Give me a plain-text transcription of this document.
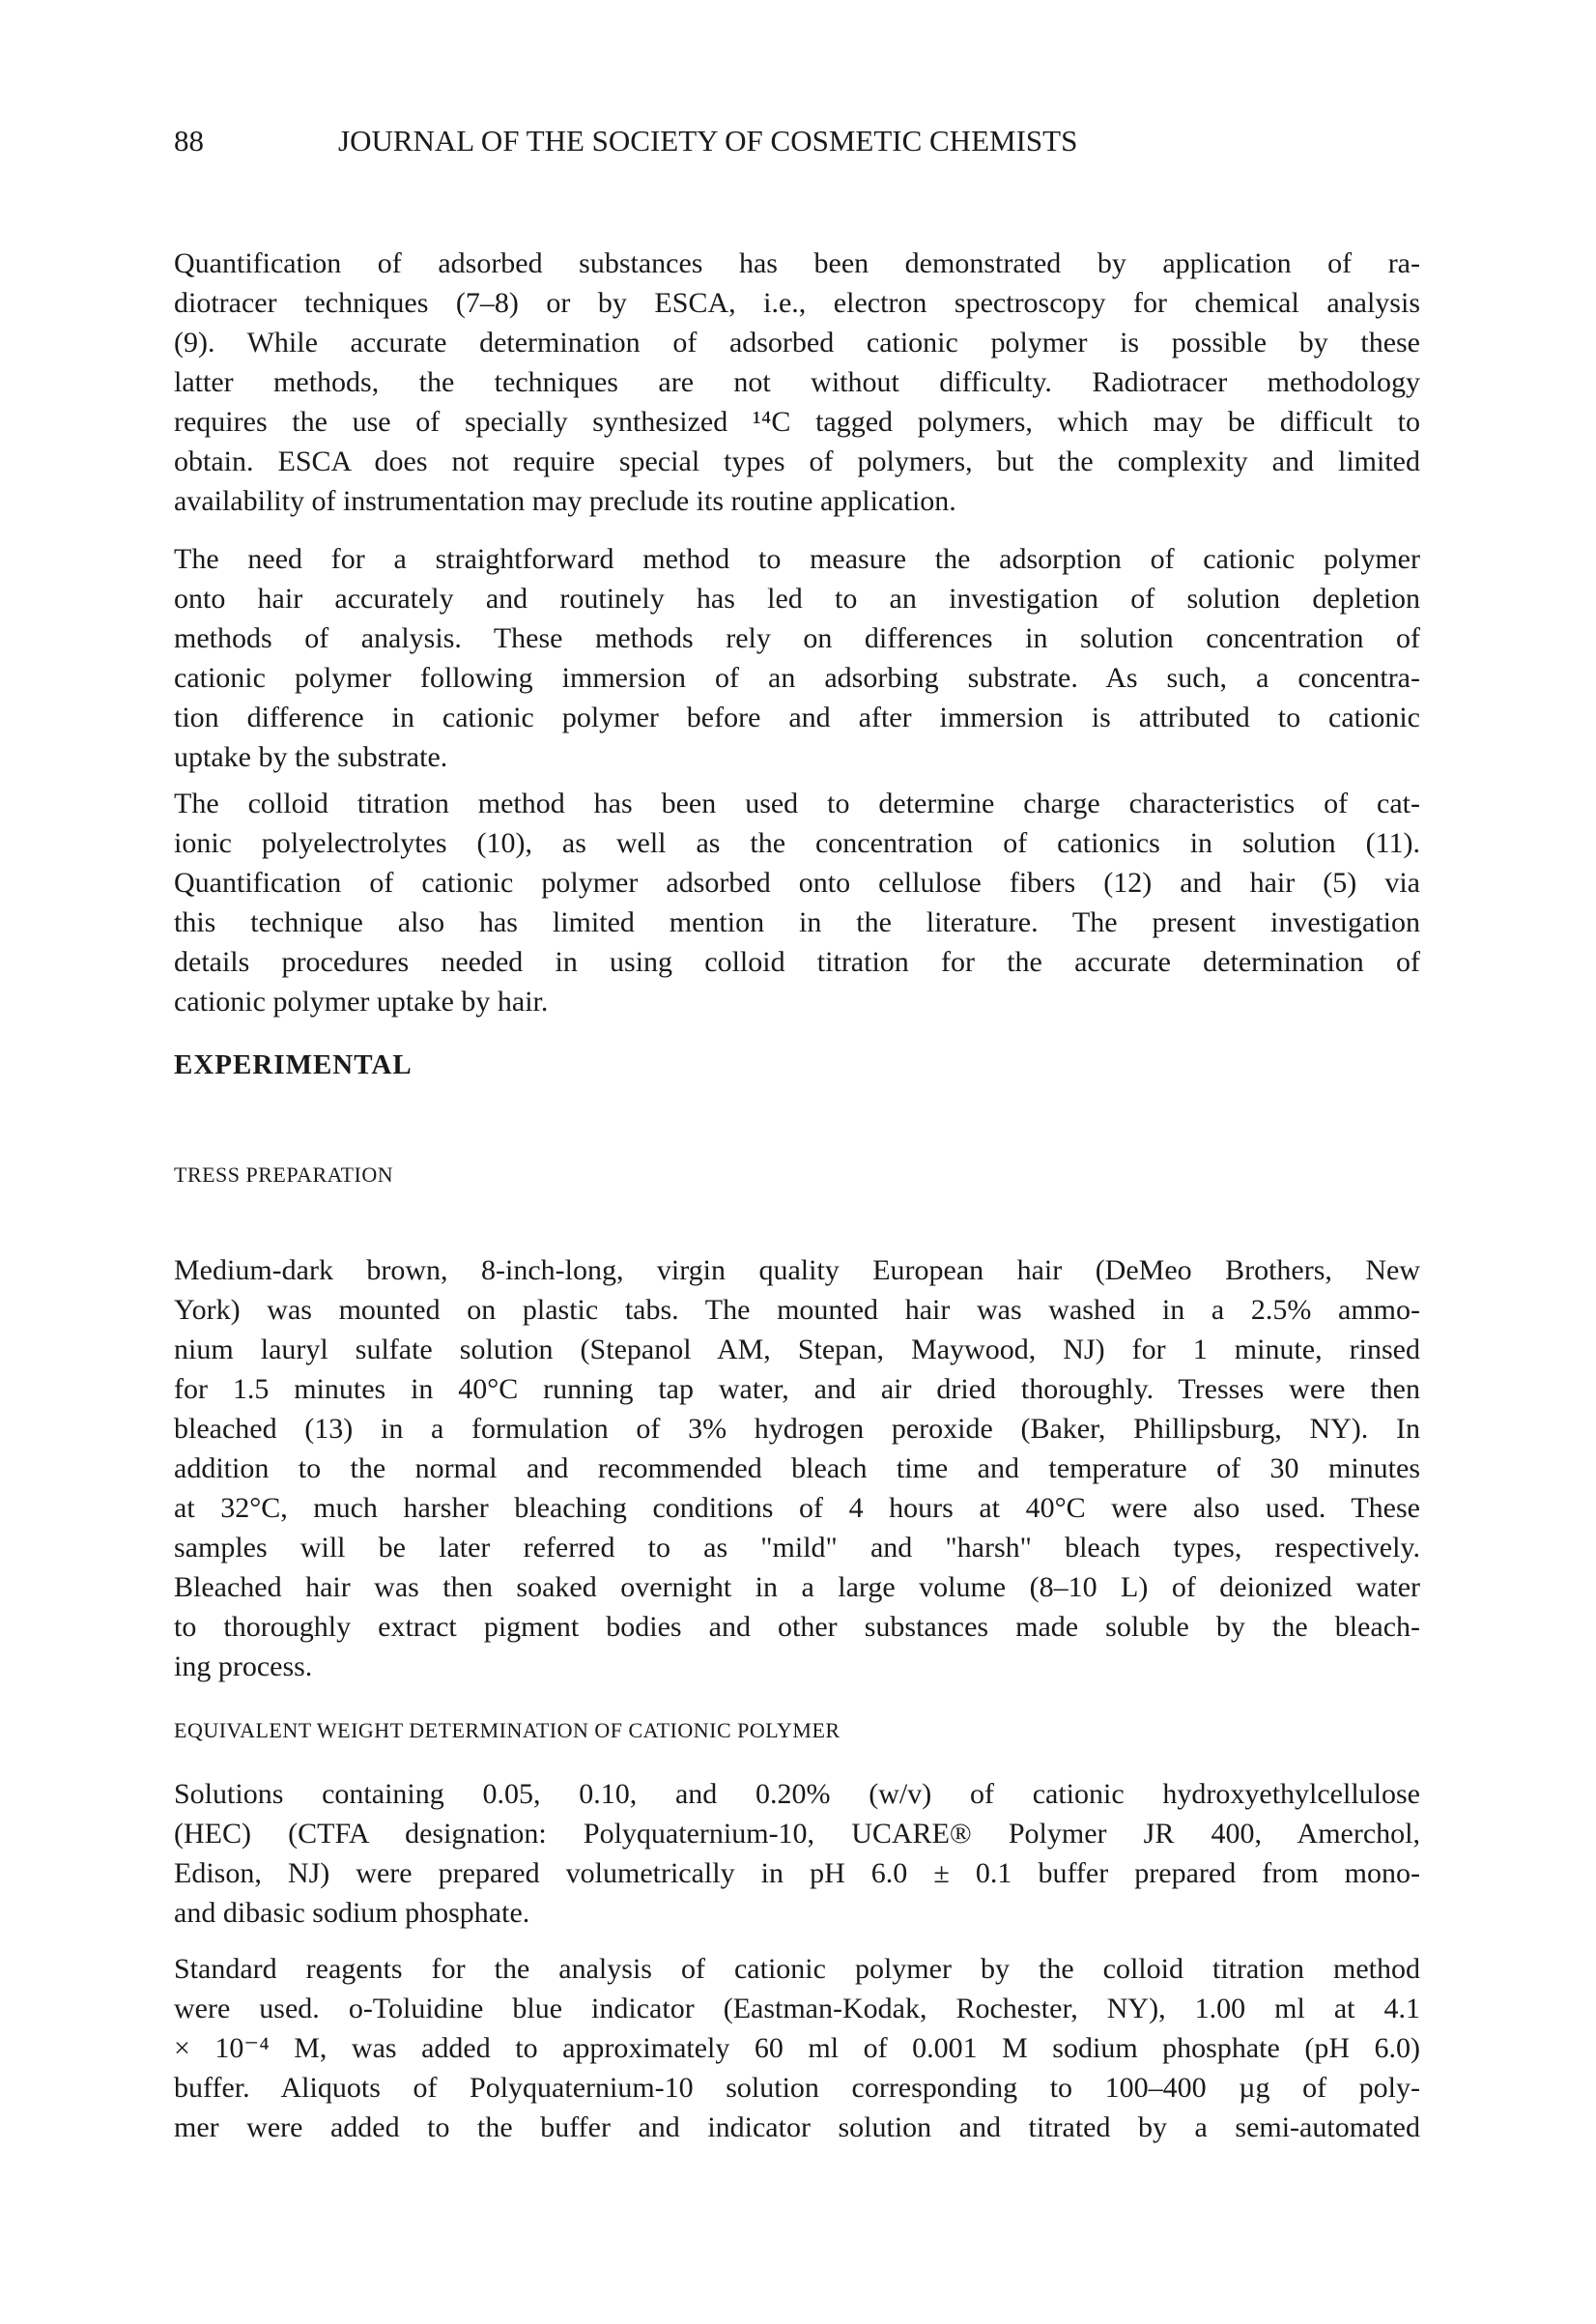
88	JOURNAL OF THE SOCIETY OF COSMETIC CHEMISTS
Quantification of adsorbed substances has been demonstrated by application of ra-
diotracer techniques (7–8) or by ESCA, i.e., electron spectroscopy for chemical analysis
(9). While accurate determination of adsorbed cationic polymer is possible by these
latter methods, the techniques are not without difficulty. Radiotracer methodology
requires the use of specially synthesized ¹⁴C tagged polymers, which may be difficult to
obtain. ESCA does not require special types of polymers, but the complexity and limited
availability of instrumentation may preclude its routine application.
The need for a straightforward method to measure the adsorption of cationic polymer
onto hair accurately and routinely has led to an investigation of solution depletion
methods of analysis. These methods rely on differences in solution concentration of
cationic polymer following immersion of an adsorbing substrate. As such, a concentra-
tion difference in cationic polymer before and after immersion is attributed to cationic
uptake by the substrate.
The colloid titration method has been used to determine charge characteristics of cat-
ionic polyelectrolytes (10), as well as the concentration of cationics in solution (11).
Quantification of cationic polymer adsorbed onto cellulose fibers (12) and hair (5) via
this technique also has limited mention in the literature. The present investigation
details procedures needed in using colloid titration for the accurate determination of
cationic polymer uptake by hair.
EXPERIMENTAL
TRESS PREPARATION
Medium-dark brown, 8-inch-long, virgin quality European hair (DeMeo Brothers, New
York) was mounted on plastic tabs. The mounted hair was washed in a 2.5% ammo-
nium lauryl sulfate solution (Stepanol AM, Stepan, Maywood, NJ) for 1 minute, rinsed
for 1.5 minutes in 40°C running tap water, and air dried thoroughly. Tresses were then
bleached (13) in a formulation of 3% hydrogen peroxide (Baker, Phillipsburg, NY). In
addition to the normal and recommended bleach time and temperature of 30 minutes
at 32°C, much harsher bleaching conditions of 4 hours at 40°C were also used. These
samples will be later referred to as "mild" and "harsh" bleach types, respectively.
Bleached hair was then soaked overnight in a large volume (8–10 L) of deionized water
to thoroughly extract pigment bodies and other substances made soluble by the bleach-
ing process.
EQUIVALENT WEIGHT DETERMINATION OF CATIONIC POLYMER
Solutions containing 0.05, 0.10, and 0.20% (w/v) of cationic hydroxyethylcellulose
(HEC) (CTFA designation: Polyquaternium-10, UCARE® Polymer JR 400, Amerchol,
Edison, NJ) were prepared volumetrically in pH 6.0 ± 0.1 buffer prepared from mono-
and dibasic sodium phosphate.
Standard reagents for the analysis of cationic polymer by the colloid titration method
were used. o-Toluidine blue indicator (Eastman-Kodak, Rochester, NY), 1.00 ml at 4.1
× 10⁻⁴ M, was added to approximately 60 ml of 0.001 M sodium phosphate (pH 6.0)
buffer. Aliquots of Polyquaternium-10 solution corresponding to 100–400 µg of poly-
mer were added to the buffer and indicator solution and titrated by a semi-automated
